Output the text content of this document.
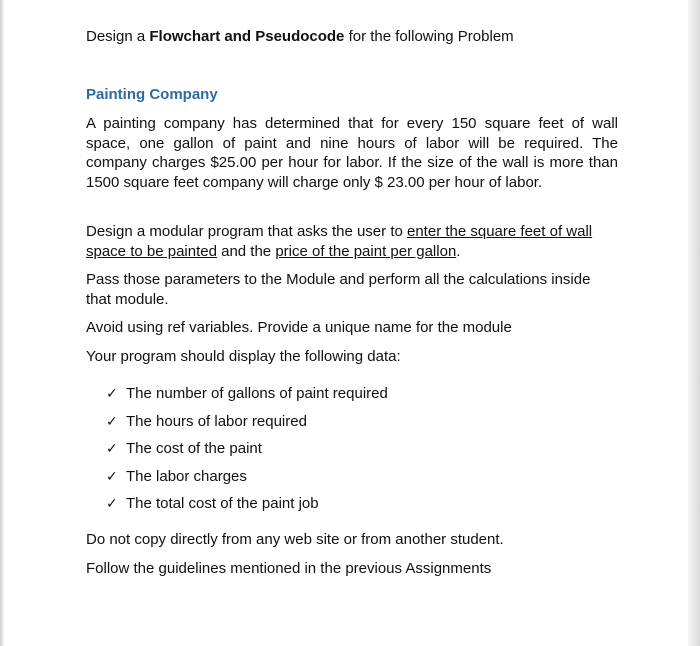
Design a Flowchart and Pseudocode for the following Problem
Painting Company
A painting company has determined that for every 150 square feet of wall space, one gallon of paint and nine hours of labor will be required. The company charges $25.00 per hour for labor. If the size of the wall is more than 1500 square feet company will charge only $ 23.00 per hour of labor.
Design a modular program that asks the user to enter the square feet of wall space to be painted and the price of the paint per gallon.
Pass those parameters to the Module and perform all the calculations inside that module.
Avoid using ref variables. Provide a unique name for the module
Your program should display the following data:
✓ The number of gallons of paint required
✓ The hours of labor required
✓ The cost of the paint
✓ The labor charges
✓ The total cost of the paint job
Do not copy directly from any web site or from another student.
Follow the guidelines mentioned in the previous Assignments
